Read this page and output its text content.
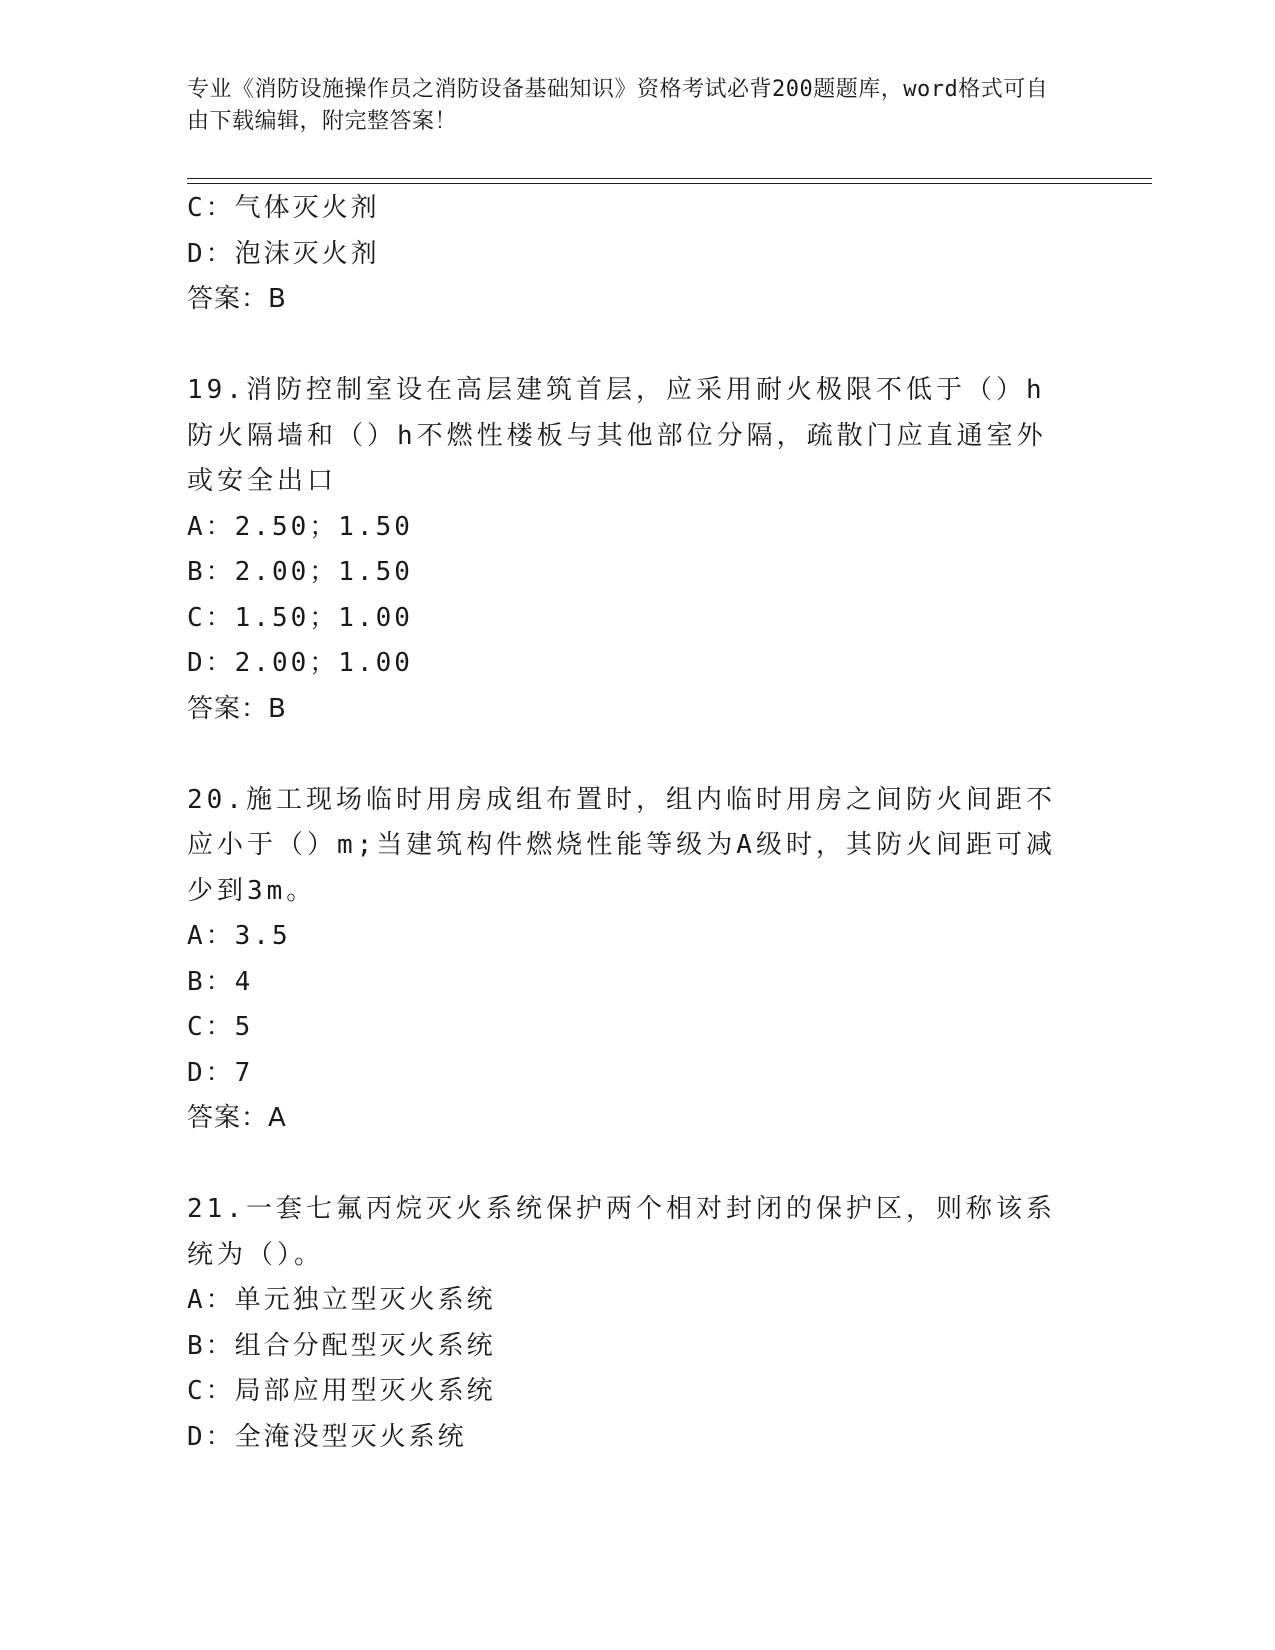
专业《消防设施操作员之消防设备基础知识》资格考试必背200题题库，word格式可自由下载编辑，附完整答案！
C：气体灭火剂
D：泡沫灭火剂
答案：B
19.消防控制室设在高层建筑首层，应采用耐火极限不低于（）h防火隔墙和（）h不燃性楼板与其他部位分隔，疏散门应直通室外或安全出口
A：2.50；1.50
B：2.00；1.50
C：1.50；1.00
D：2.00；1.00
答案：B
20.施工现场临时用房成组布置时，组内临时用房之间防火间距不应小于（）m;当建筑构件燃烧性能等级为A级时，其防火间距可减少到3m。
A：3.5
B：4
C：5
D：7
答案：A
21.一套七氟丙烷灭火系统保护两个相对封闭的保护区，则称该系统为（）。
A：单元独立型灭火系统
B：组合分配型灭火系统
C：局部应用型灭火系统
D：全淹没型灭火系统
